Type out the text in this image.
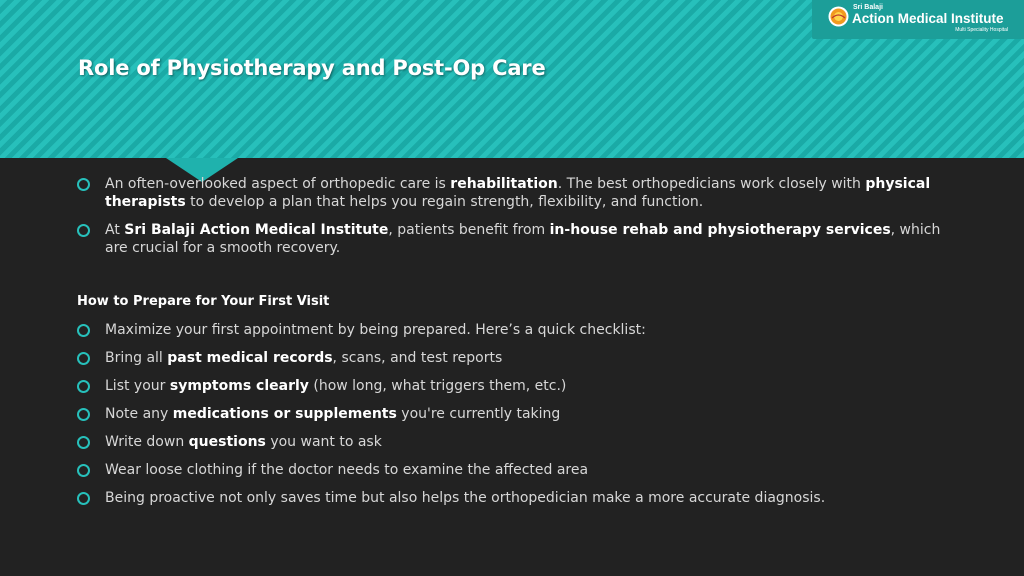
Role of Physiotherapy and Post-Op Care
Sri Balaji
Action Medical Institute
Multi Speciality Hospital

An often-overlooked aspect of orthopedic care is rehabilitation. The best orthopedicians work closely with physical therapists to develop a plan that helps you regain strength, flexibility, and function.

At Sri Balaji Action Medical Institute, patients benefit from in-house rehab and physiotherapy services, which are crucial for a smooth recovery.

How to Prepare for Your First Visit

Maximize your first appointment by being prepared. Here’s a quick checklist:

Bring all past medical records, scans, and test reports

List your symptoms clearly (how long, what triggers them, etc.)

Note any medications or supplements you're currently taking

Write down questions you want to ask

Wear loose clothing if the doctor needs to examine the affected area

Being proactive not only saves time but also helps the orthopedician make a more accurate diagnosis.
